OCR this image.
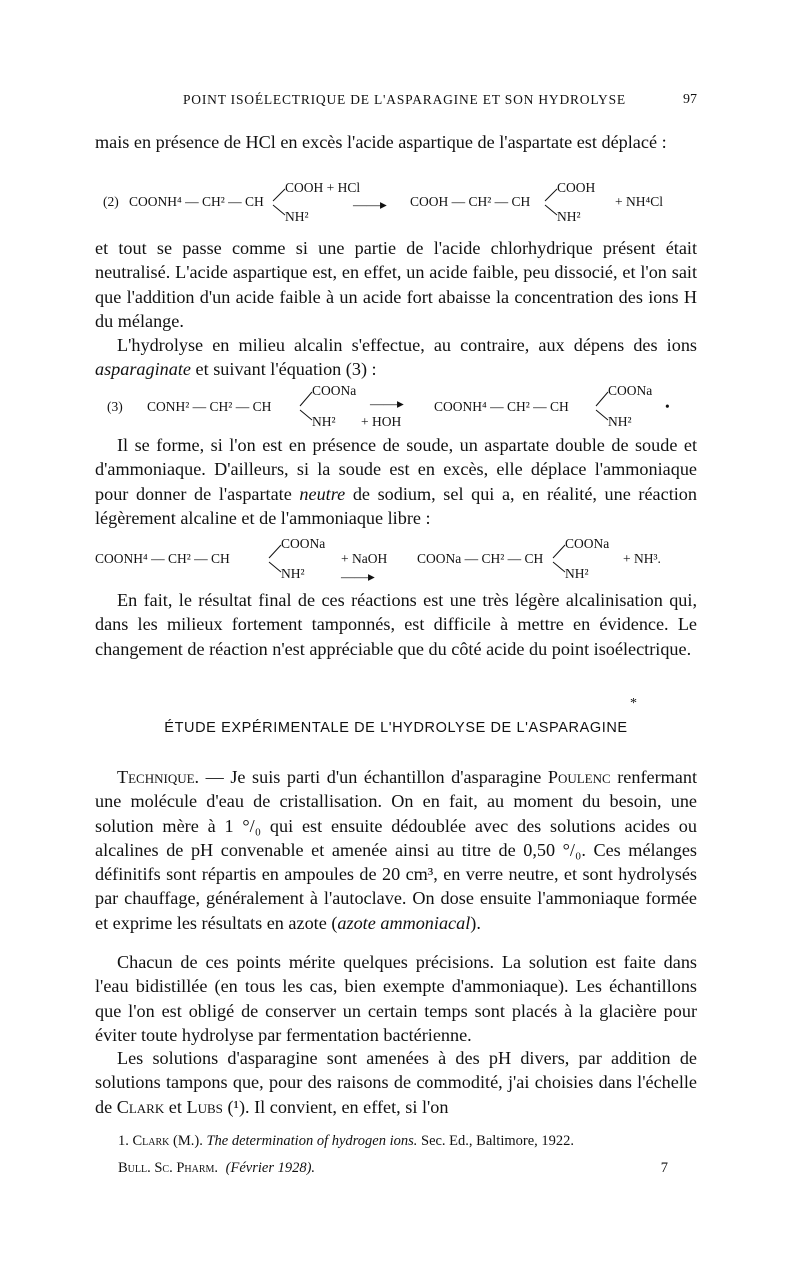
POINT ISOÉLECTRIQUE DE L'ASPARAGINE ET SON HYDROLYSE	97

mais en présence de HCl en excès l'acide aspartique de l'aspartate est déplacé :

(2) COONH⁴ — CH² — CH
COOH + HCl
NH²
——▸ COOH — CH² — CH
COOH
NH²
+ NH⁴Cl

et tout se passe comme si une partie de l'acide chlorhydrique présent était neutralisé. L'acide aspartique est, en effet, un acide faible, peu dissocié, et l'on sait que l'addition d'un acide faible à un acide fort abaisse la concentration des ions H du mélange.

L'hydrolyse en milieu alcalin s'effectue, au contraire, aux dépens des ions asparaginate et suivant l'équation (3) :

(3) CONH² — CH² — CH
COONa
NH²
——▸
+ HOH
COONH⁴ — CH² — CH
COONa
NH²
•

Il se forme, si l'on est en présence de soude, un aspartate double de soude et d'ammoniaque. D'ailleurs, si la soude est en excès, elle déplace l'ammoniaque pour donner de l'aspartate neutre de sodium, sel qui a, en réalité, une réaction légèrement alcaline et de l'ammoniaque libre :

COONH⁴ — CH² — CH
COONa
NH²
+ NaOH
——▸
COONa — CH² — CH
COONa
NH²
+ NH³.

En fait, le résultat final de ces réactions est une très légère alcalinisation qui, dans les milieux fortement tamponnés, est difficile à mettre en évidence. Le changement de réaction n'est appréciable que du côté acide du point isoélectrique.

*
ÉTUDE EXPÉRIMENTALE DE L'HYDROLYSE DE L'ASPARAGINE

Technique. — Je suis parti d'un échantillon d'asparagine Poulenc renfermant une molécule d'eau de cristallisation. On en fait, au moment du besoin, une solution mère à 1 °/₀ qui est ensuite dédoublée avec des solutions acides ou alcalines de pH convenable et amenée ainsi au titre de 0,50 °/₀. Ces mélanges définitifs sont répartis en ampoules de 20 cm³, en verre neutre, et sont hydrolysés par chauffage, généralement à l'autoclave. On dose ensuite l'ammoniaque formée et exprime les résultats en azote (azote ammoniacal).

Chacun de ces points mérite quelques précisions. La solution est faite dans l'eau bidistillée (en tous les cas, bien exempte d'ammoniaque). Les échantillons que l'on est obligé de conserver un certain temps sont placés à la glacière pour éviter toute hydrolyse par fermentation bactérienne.

Les solutions d'asparagine sont amenées à des pH divers, par addition de solutions tampons que, pour des raisons de commodité, j'ai choisies dans l'échelle de Clark et Lubs (¹). Il convient, en effet, si l'on

1. Clark (M.). The determination of hydrogen ions. Sec. Ed., Baltimore, 1922.
Bull. Sc. Pharm. (Février 1928).	7
